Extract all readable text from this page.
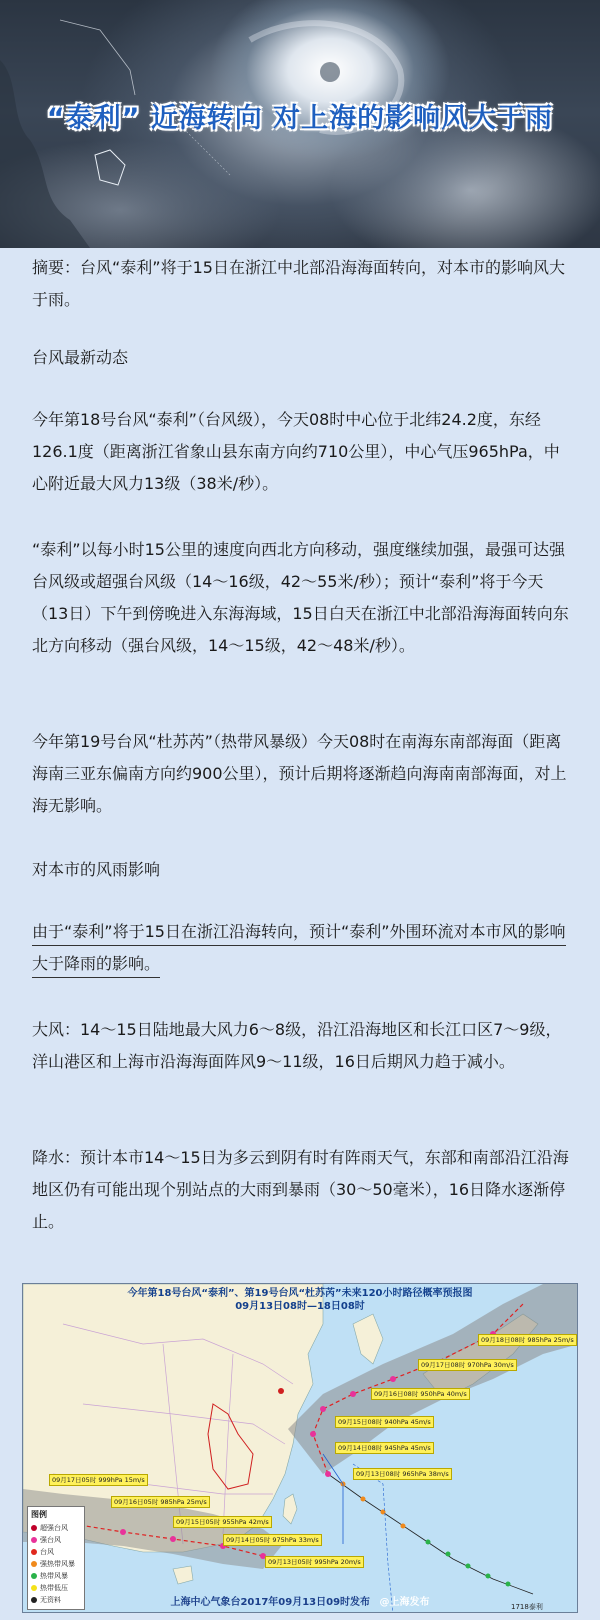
“泰利” 近海转向 对上海的影响风大于雨
摘要：台风“泰利”将于15日在浙江中北部沿海海面转向，对本市的影响风大于雨。
台风最新动态
今年第18号台风“泰利”（台风级），今天08时中心位于北纬24.2度，东经126.1度（距离浙江省象山县东南方向约710公里），中心气压965hPa，中心附近最大风力13级（38米/秒）。
“泰利”以每小时15公里的速度向西北方向移动，强度继续加强，最强可达强台风级或超强台风级（14～16级，42～55米/秒）；预计“泰利”将于今天（13日）下午到傍晚进入东海海域，15日白天在浙江中北部沿海海面转向东北方向移动（强台风级，14～15级，42～48米/秒）。
今年第19号台风“杜苏芮”（热带风暴级）今天08时在南海东南部海面（距离海南三亚东偏南方向约900公里），预计后期将逐渐趋向海南南部海面，对上海无影响。
对本市的风雨影响
由于“泰利”将于15日在浙江沿海转向，预计“泰利”外围环流对本市风的影响大于降雨的影响。
大风：14～15日陆地最大风力6～8级，沿江沿海地区和长江口区7～9级，洋山港区和上海市沿海海面阵风9～11级，16日后期风力趋于减小。
降水：预计本市14～15日为多云到阴有时有阵雨天气，东部和南部沿江沿海地区仍有可能出现个别站点的大雨到暴雨（30～50毫米），16日降水逐渐停止。
今年第18号台风“泰利”、第19号台风“杜苏芮”未来120小时路径概率预报图
09月13日08时—18日08时
09月18日08时 985hPa 25m/s
09月17日08时 970hPa 30m/s
09月16日08时 950hPa 40m/s
09月15日08时 940hPa 45m/s
09月14日08时 945hPa 45m/s
09月13日08时 965hPa 38m/s
09月17日05时 999hPa 15m/s
09月16日05时 985hPa 25m/s
09月15日05时 955hPa 42m/s
09月14日05时 975hPa 33m/s
09月13日05时 995hPa 20m/s
1718泰利
图例
超强台风
强台风
台风
强热带风暴
热带风暴
热带低压
无资料	上海中心气象台2017年09月13日09时发布 @上海发布
